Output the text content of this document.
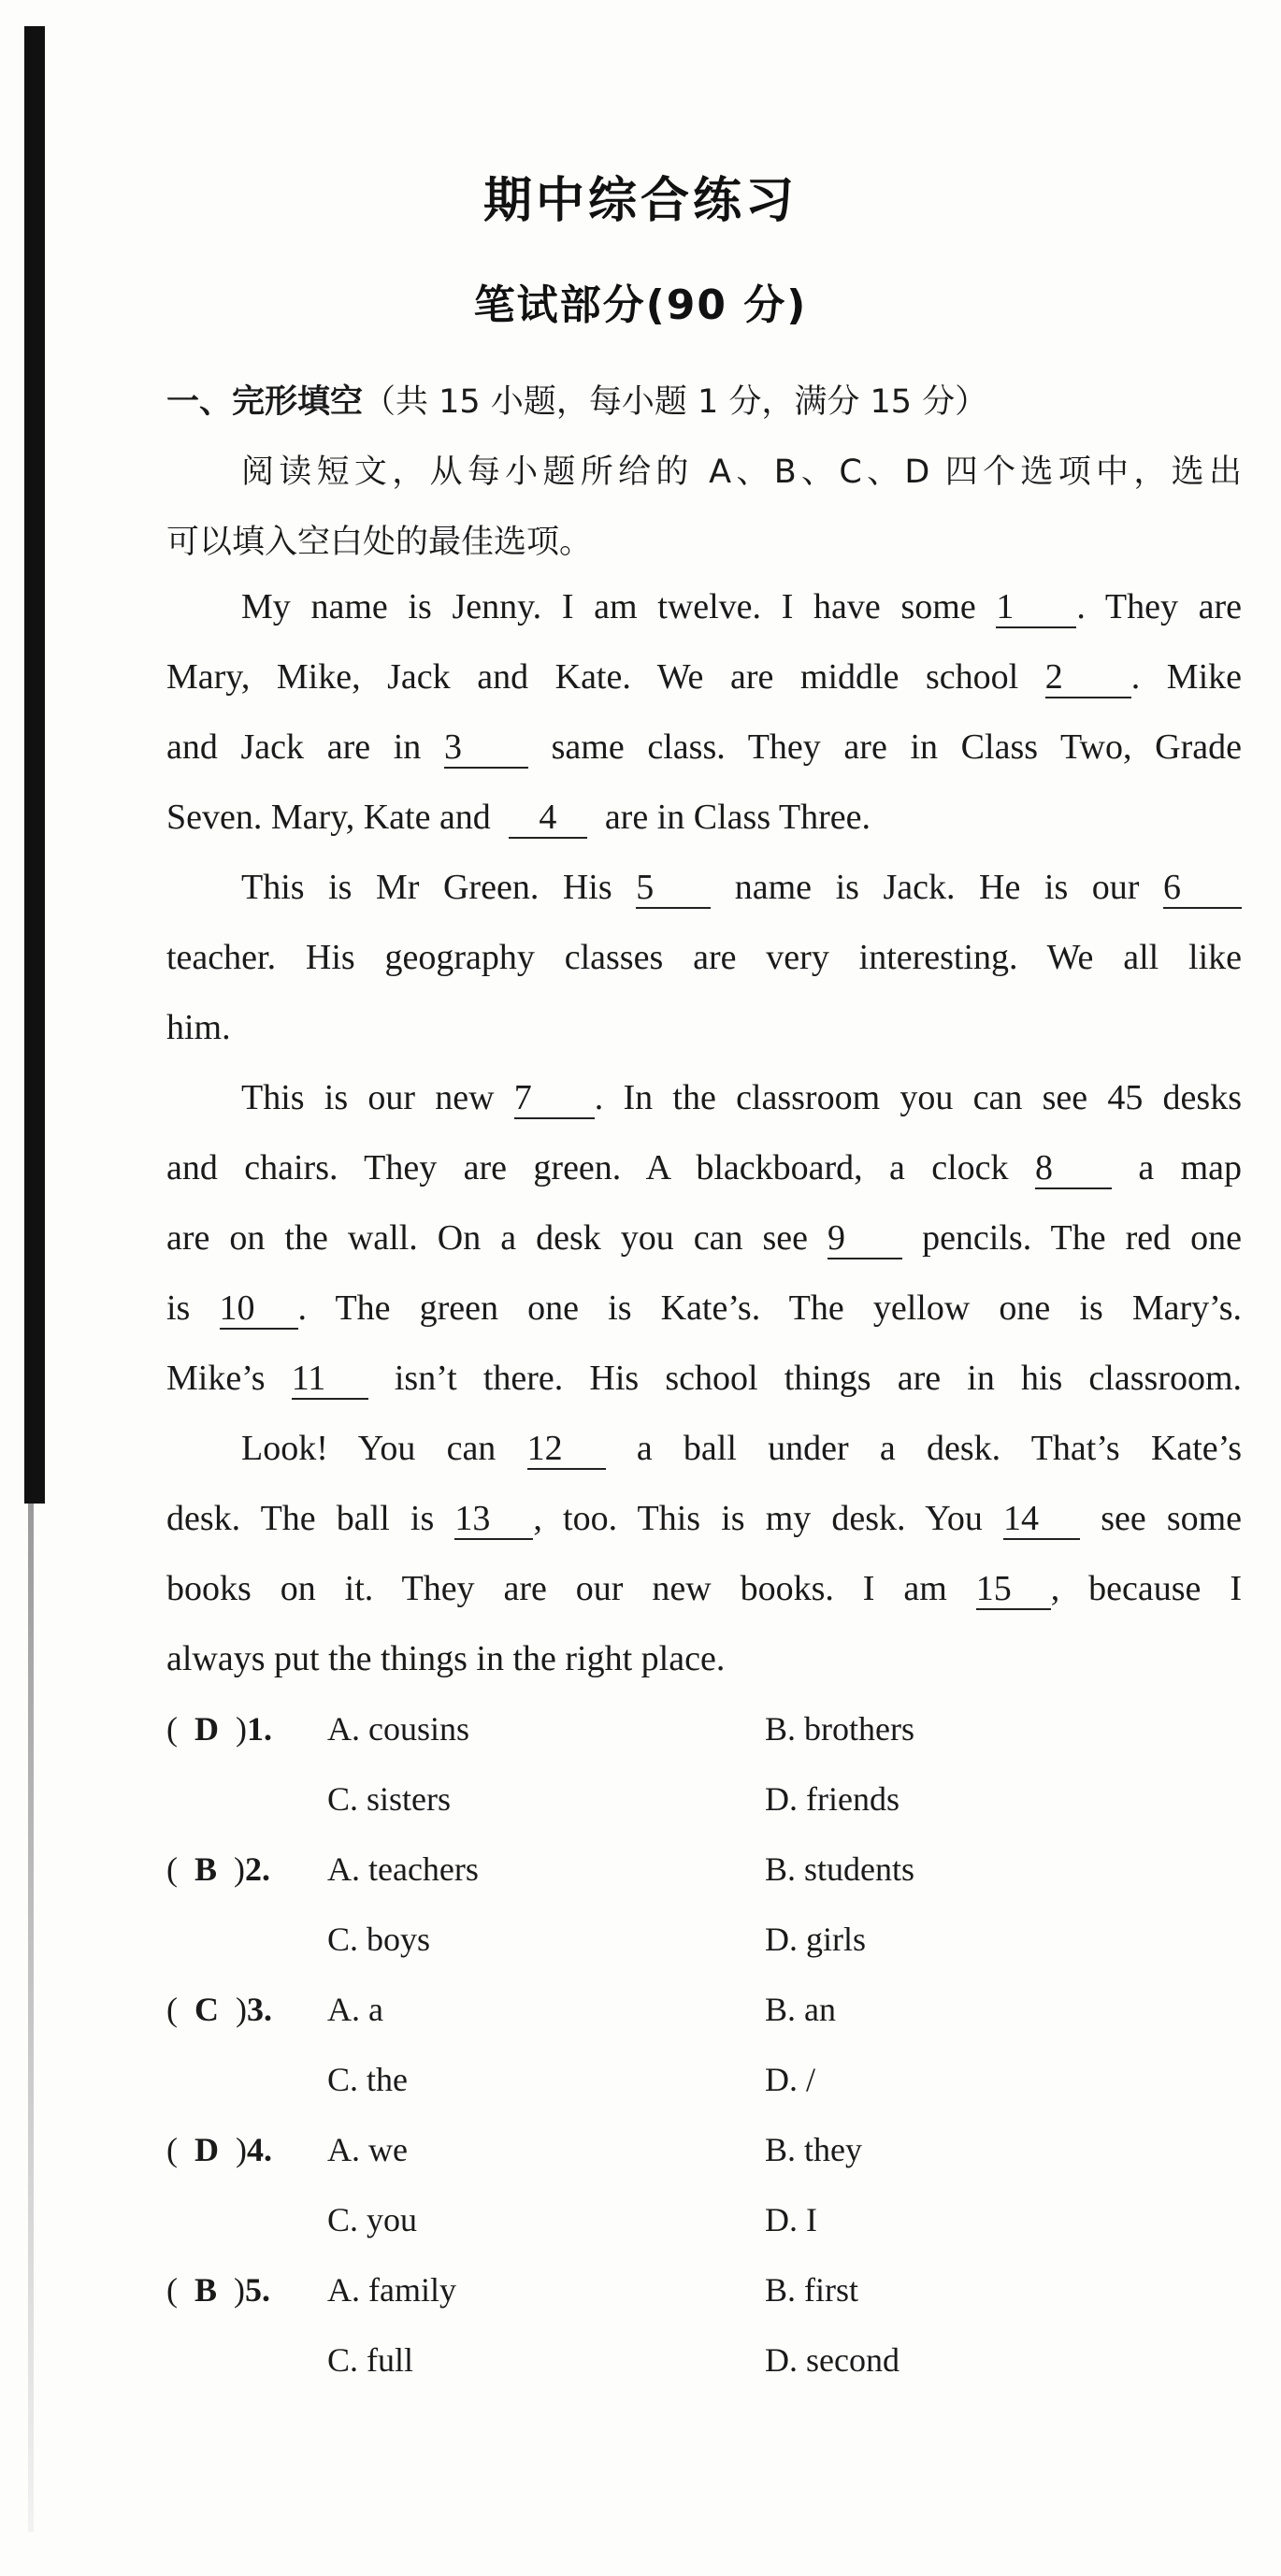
期中综合练习
笔试部分(90 分)
一、完形填空（共 15 小题，每小题 1 分，满分 15 分）
阅读短文，从每小题所给的 A、B、C、D 四个选项中，选出
可以填入空白处的最佳选项。
My name is Jenny. I am twelve. I have some 1 . They are
Mary, Mike, Jack and Kate. We are middle school 2 . Mike
and Jack are in 3	same class. They are in Class Two, Grade
Seven. Mary, Kate and 4 are in Class Three.
This is Mr Green. His 5 name is Jack. He is our 6
teacher. His geography classes are very interesting. We all like
him.
This is our new 7 . In the classroom you can see 45 desks
and chairs. They are green. A blackboard, a clock 8 a map
are on the wall. On a desk you can see 9 pencils. The red one
is 10 . The green one is Kate’s. The yellow one is Mary’s.
Mike’s 11 isn’t there. His school things are in his classroom.
Look! You can 12 a ball under a desk. That’s Kate’s
desk. The ball is 13 , too. This is my desk. You 14 see some
books on it. They are our new books. I am 15 , because I
always put the things in the right place.
(  D  )1. A. cousins	B. brothers
C. sisters	D. friends
(  B  )2. A. teachers	B. students
C. boys	D. girls
(  C  )3. A. a	B. an
C. the	D. /
(  D  )4. A. we	B. they
C. you	D. I
(  B  )5. A. family	B. first
C. full	D. second
